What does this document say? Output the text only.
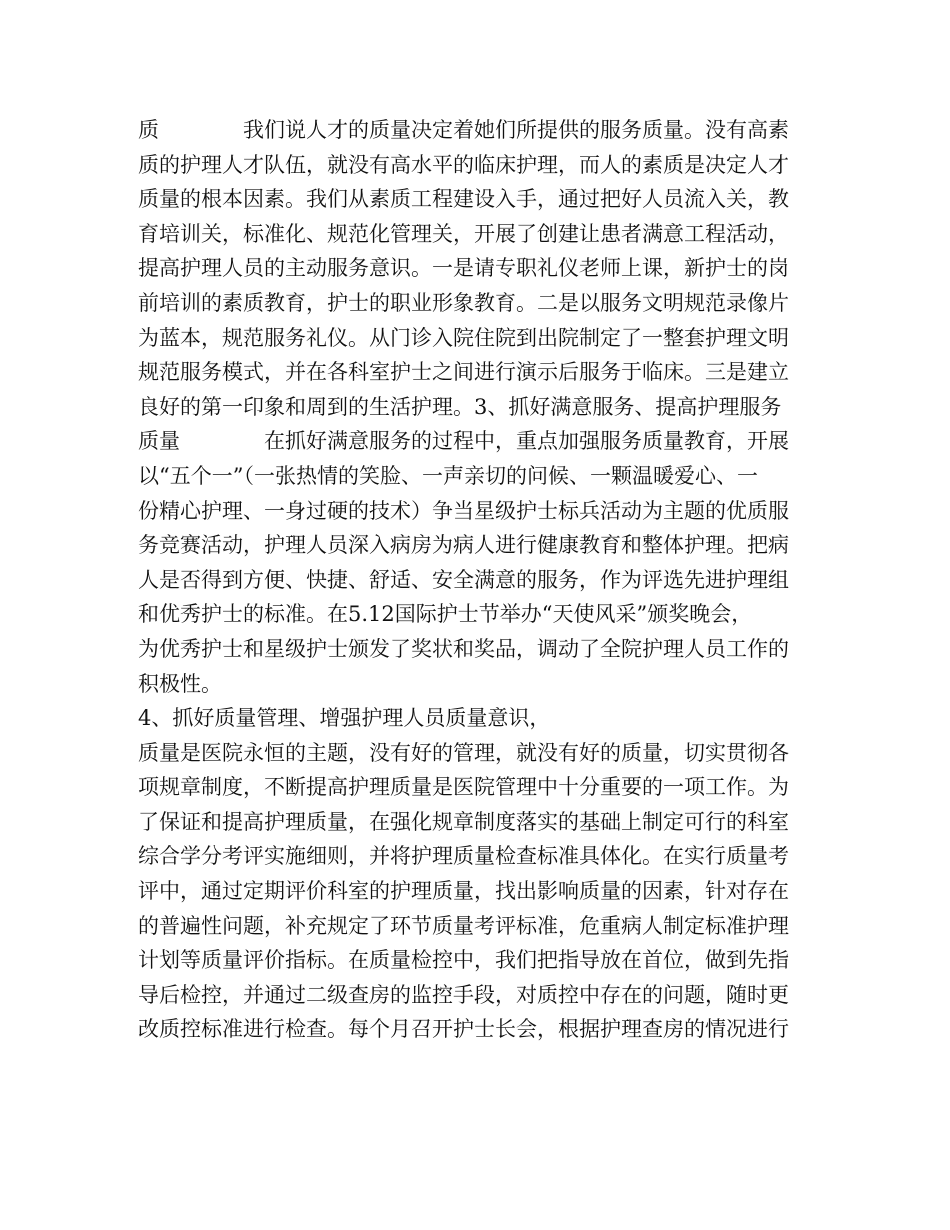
质　　　　我们说人才的质量决定着她们所提供的服务质量。没有高素
质的护理人才队伍，就没有高水平的临床护理，而人的素质是决定人才
质量的根本因素。我们从素质工程建设入手，通过把好人员流入关，教
育培训关，标准化、规范化管理关，开展了创建让患者满意工程活动，
提高护理人员的主动服务意识。一是请专职礼仪老师上课，新护士的岗
前培训的素质教育，护士的职业形象教育。二是以服务文明规范录像片
为蓝本，规范服务礼仪。从门诊入院住院到出院制定了一整套护理文明
规范服务模式，并在各科室护士之间进行演示后服务于临床。三是建立
良好的第一印象和周到的生活护理。3、抓好满意服务、提高护理服务
质量　　　　在抓好满意服务的过程中，重点加强服务质量教育，开展
以“五个一”（一张热情的笑脸、一声亲切的问候、一颗温暖爱心、一
份精心护理、一身过硬的技术）争当星级护士标兵活动为主题的优质服
务竞赛活动，护理人员深入病房为病人进行健康教育和整体护理。把病
人是否得到方便、快捷、舒适、安全满意的服务，作为评选先进护理组
和优秀护士的标准。在5.12国际护士节举办“天使风采”颁奖晚会，
为优秀护士和星级护士颁发了奖状和奖品，调动了全院护理人员工作的
积极性。
4、抓好质量管理、增强护理人员质量意识，
质量是医院永恒的主题，没有好的管理，就没有好的质量，切实贯彻各
项规章制度，不断提高护理质量是医院管理中十分重要的一项工作。为
了保证和提高护理质量，在强化规章制度落实的基础上制定可行的科室
综合学分考评实施细则，并将护理质量检查标准具体化。在实行质量考
评中，通过定期评价科室的护理质量，找出影响质量的因素，针对存在
的普遍性问题，补充规定了环节质量考评标准，危重病人制定标准护理
计划等质量评价指标。在质量检控中，我们把指导放在首位，做到先指
导后检控，并通过二级查房的监控手段，对质控中存在的问题，随时更
改质控标准进行检查。每个月召开护士长会，根据护理查房的情况进行
